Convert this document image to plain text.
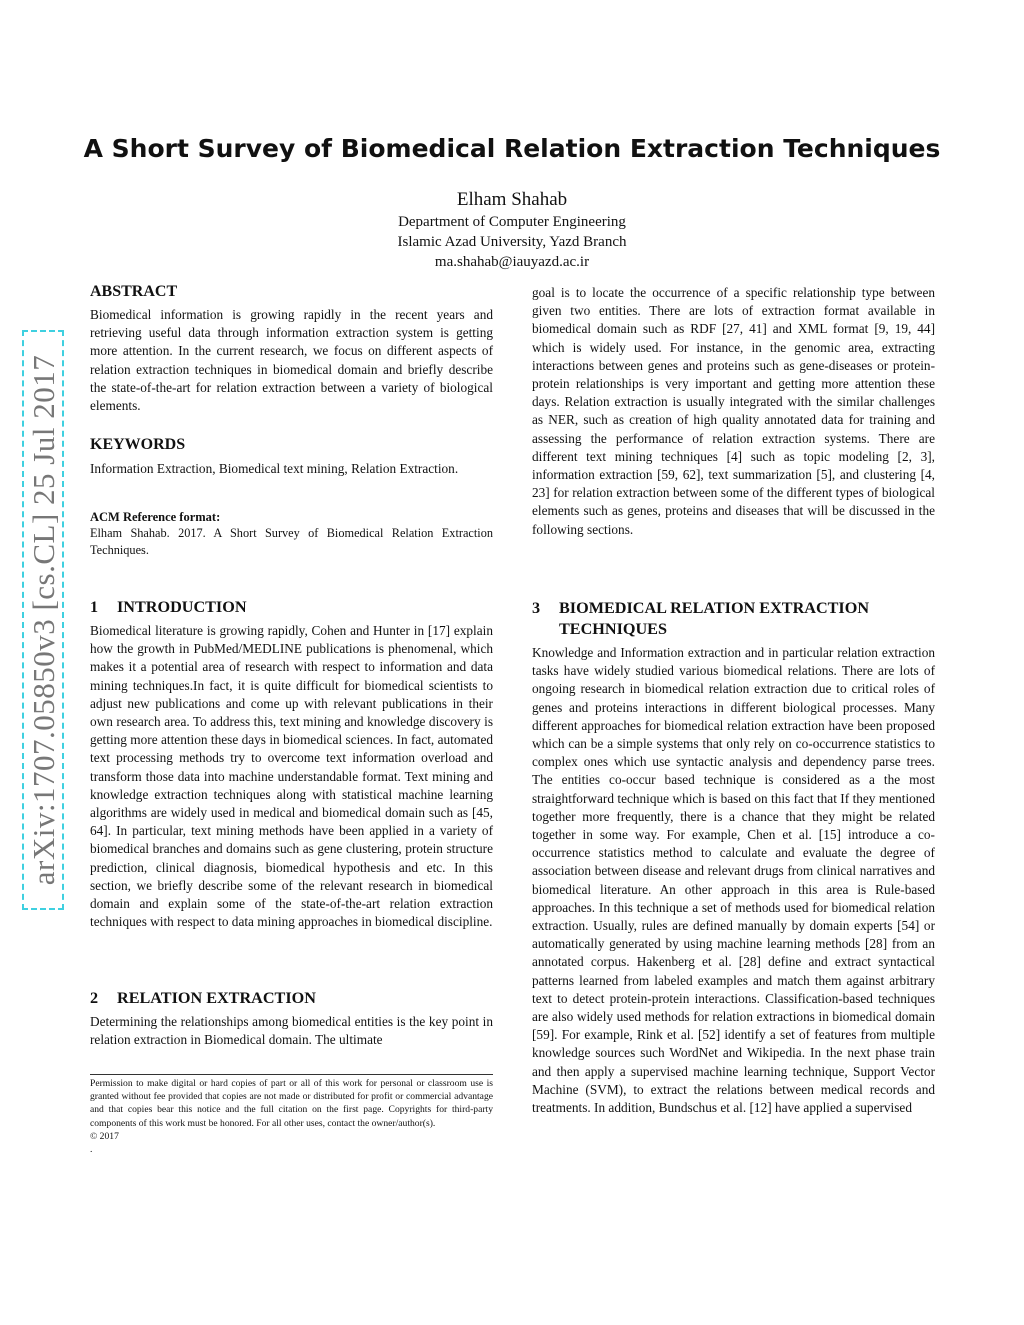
arXiv:1707.05850v3 [cs.CL] 25 Jul 2017
A Short Survey of Biomedical Relation Extraction Techniques
Elham Shahab
Department of Computer Engineering
Islamic Azad University, Yazd Branch
ma.shahab@iauyazd.ac.ir
ABSTRACT
Biomedical information is growing rapidly in the recent years and retrieving useful data through information extraction system is getting more attention. In the current research, we focus on different aspects of relation extraction techniques in biomedical domain and briefly describe the state-of-the-art for relation extraction between a variety of biological elements.
KEYWORDS
Information Extraction, Biomedical text mining, Relation Extraction.
ACM Reference format:
Elham Shahab. 2017. A Short Survey of Biomedical Relation Extraction Techniques.
1 INTRODUCTION
Biomedical literature is growing rapidly, Cohen and Hunter in [17] explain how the growth in PubMed/MEDLINE publications is phenomenal, which makes it a potential area of research with respect to information and data mining techniques.In fact, it is quite difficult for biomedical scientists to adjust new publications and come up with relevant publications in their own research area. To address this, text mining and knowledge discovery is getting more attention these days in biomedical sciences. In fact, automated text processing methods try to overcome text information overload and transform those data into machine understandable format. Text mining and knowledge extraction techniques along with statistical machine learning algorithms are widely used in medical and biomedical domain such as [45, 64]. In particular, text mining methods have been applied in a variety of biomedical branches and domains such as gene clustering, protein structure prediction, clinical diagnosis, biomedical hypothesis and etc. In this section, we briefly describe some of the relevant research in biomedical domain and explain some of the state-of-the-art relation extraction techniques with respect to data mining approaches in biomedical discipline.
2 RELATION EXTRACTION
Determining the relationships among biomedical entities is the key point in relation extraction in Biomedical domain. The ultimate
Permission to make digital or hard copies of part or all of this work for personal or classroom use is granted without fee provided that copies are not made or distributed for profit or commercial advantage and that copies bear this notice and the full citation on the first page. Copyrights for third-party components of this work must be honored. For all other uses, contact the owner/author(s).
© 2017
.
goal is to locate the occurrence of a specific relationship type between given two entities. There are lots of extraction format available in biomedical domain such as RDF [27, 41] and XML format [9, 19, 44] which is widely used. For instance, in the genomic area, extracting interactions between genes and proteins such as gene-diseases or protein-protein relationships is very important and getting more attention these days. Relation extraction is usually integrated with the similar challenges as NER, such as creation of high quality annotated data for training and assessing the performance of relation extraction systems. There are different text mining techniques [4] such as topic modeling [2, 3], information extraction [59, 62], text summarization [5], and clustering [4, 23] for relation extraction between some of the different types of biological elements such as genes, proteins and diseases that will be discussed in the following sections.
3 BIOMEDICAL RELATION EXTRACTION
TECHNIQUES
Knowledge and Information extraction and in particular relation extraction tasks have widely studied various biomedical relations. There are lots of ongoing research in biomedical relation extraction due to critical roles of genes and proteins interactions in different biological processes. Many different approaches for biomedical relation extraction have been proposed which can be a simple systems that only rely on co-occurrence statistics to complex ones which use syntactic analysis and dependency parse trees. The entities co-occur based technique is considered as a the most straightforward technique which is based on this fact that If they mentioned together more frequently, there is a chance that they might be related together in some way. For example, Chen et al. [15] introduce a co-occurrence statistics method to calculate and evaluate the degree of association between disease and relevant drugs from clinical narratives and biomedical literature. An other approach in this area is Rule-based approaches. In this technique a set of methods used for biomedical relation extraction. Usually, rules are defined manually by domain experts [54] or automatically generated by using machine learning methods [28] from an annotated corpus. Hakenberg et al. [28] define and extract syntactical patterns learned from labeled examples and match them against arbitrary text to detect protein-protein interactions. Classification-based techniques are also widely used methods for relation extractions in biomedical domain [59]. For example, Rink et al. [52] identify a set of features from multiple knowledge sources such WordNet and Wikipedia. In the next phase train and then apply a supervised machine learning technique, Support Vector Machine (SVM), to extract the relations between medical records and treatments. In addition, Bundschus et al. [12] have applied a supervised
